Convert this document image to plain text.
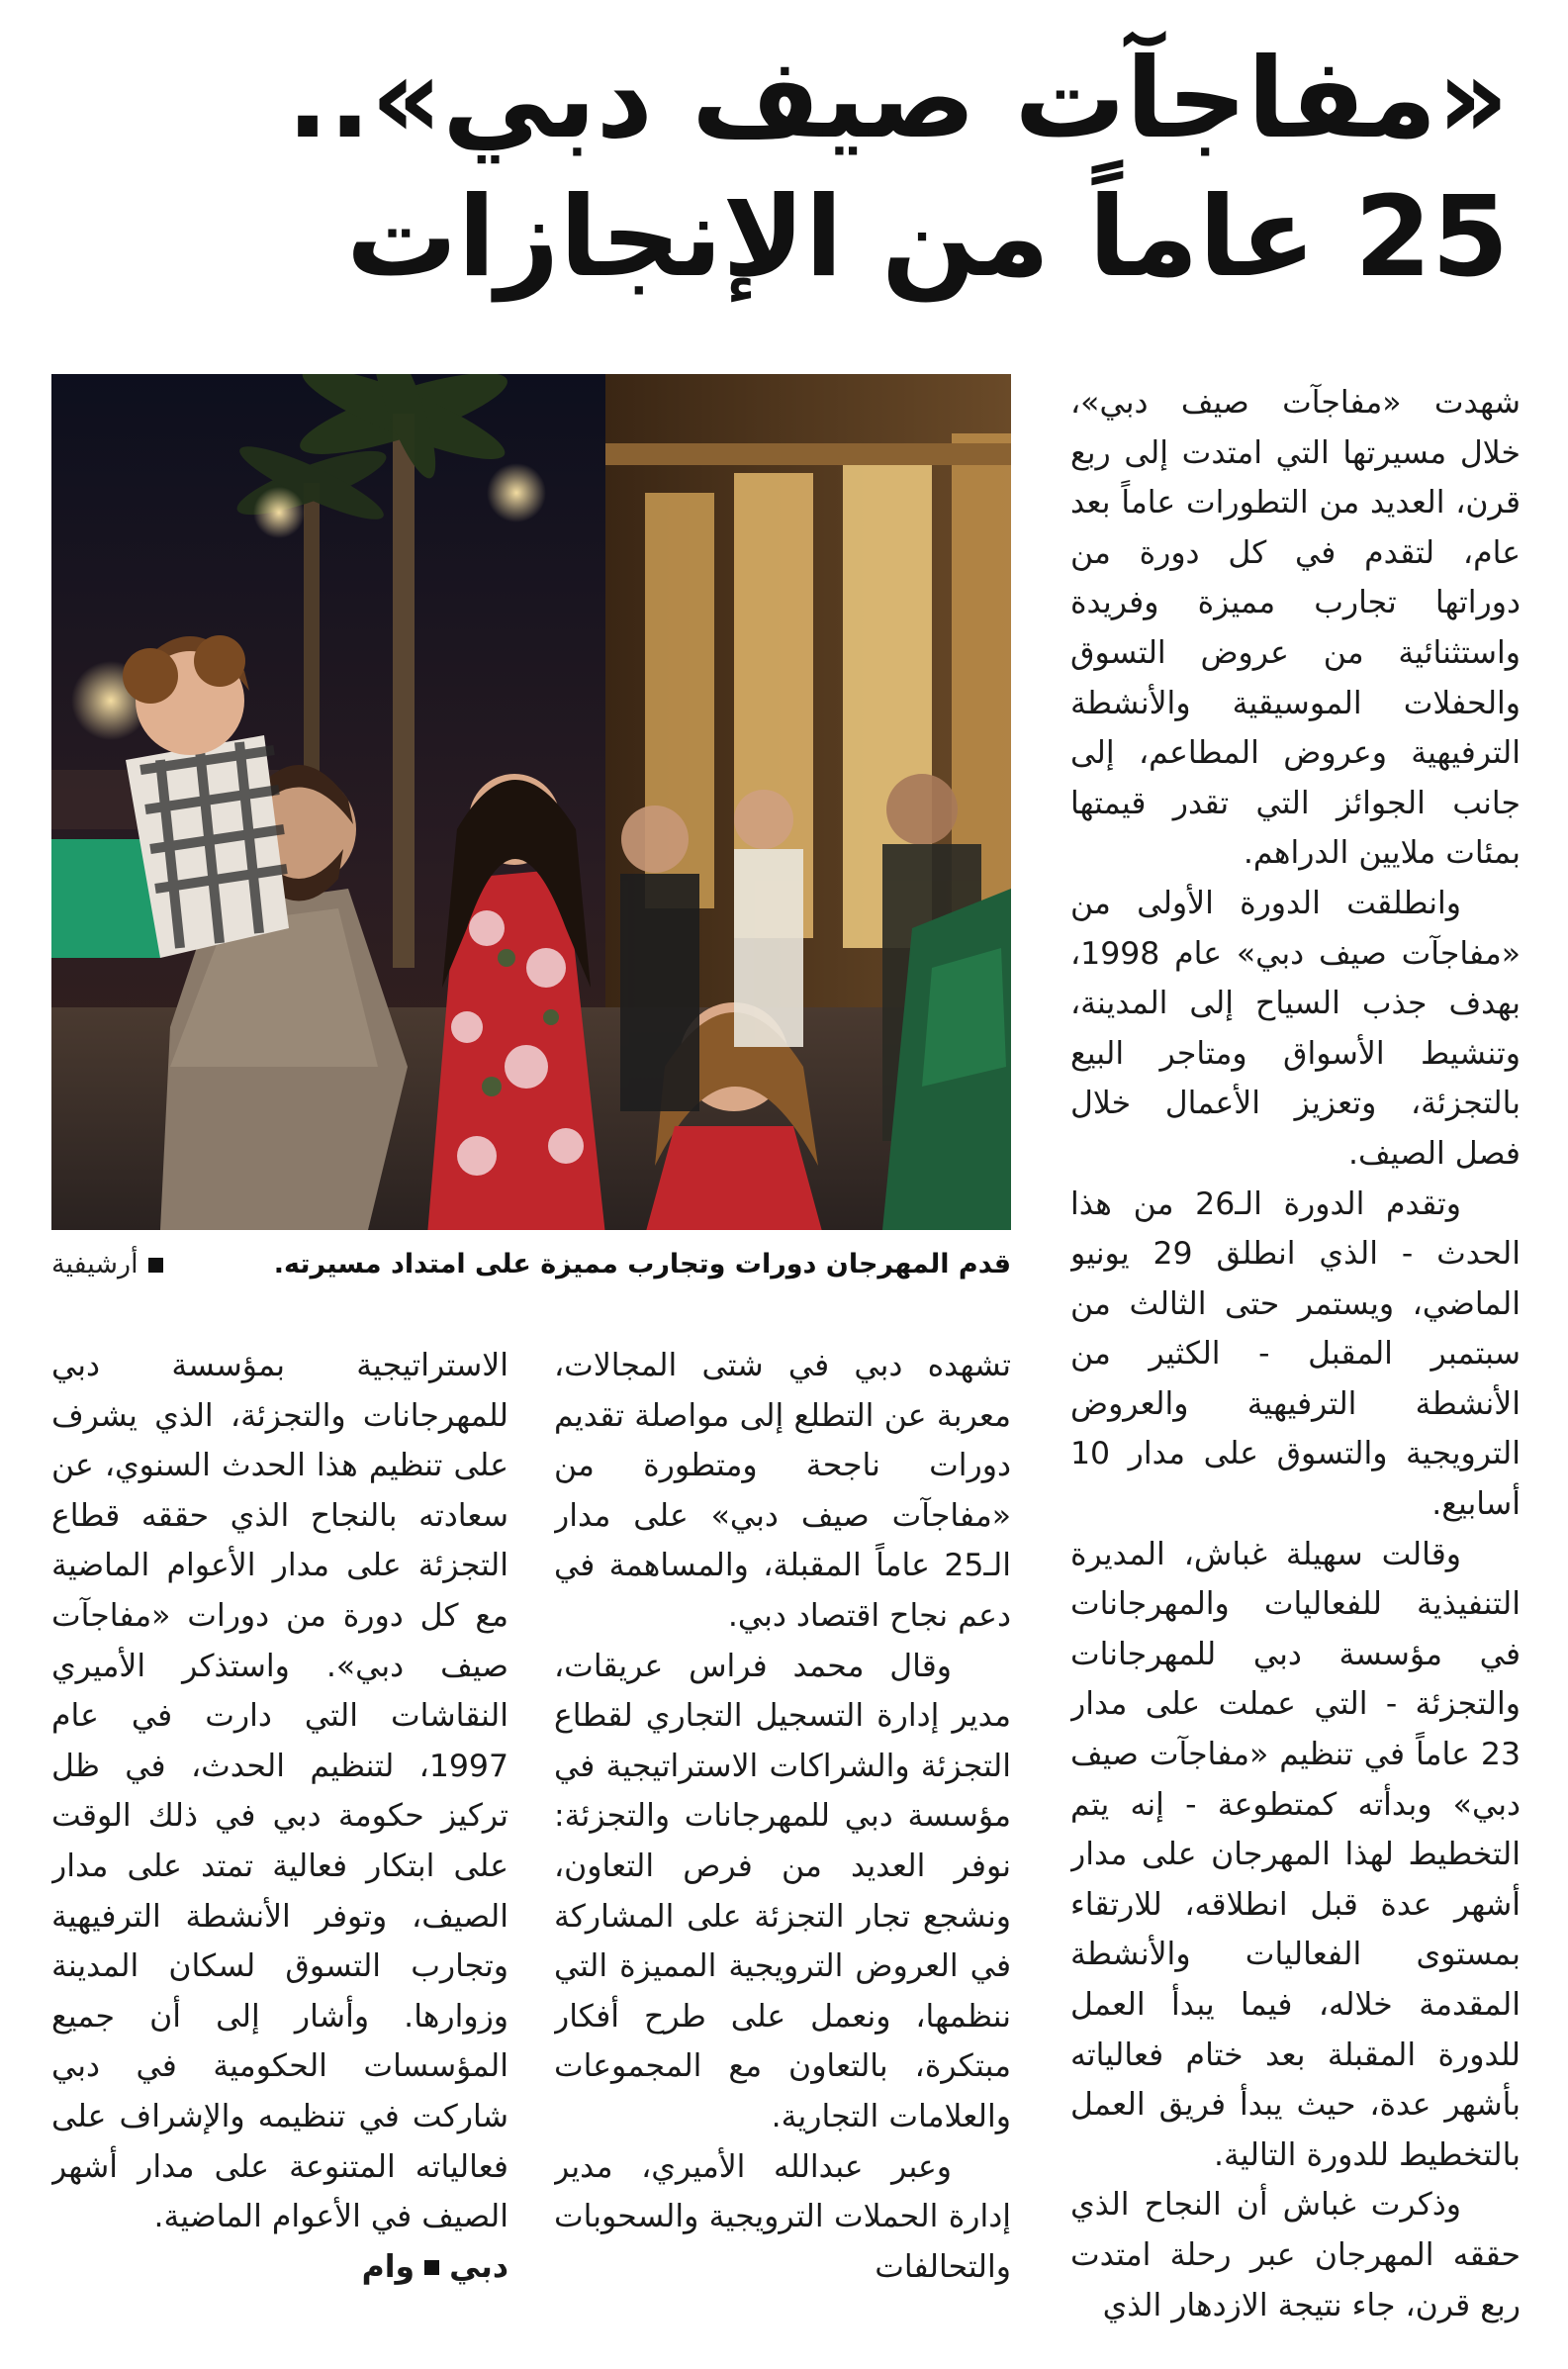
«مفاجآت صيف دبي»..
25 عاماً من الإنجازات
قدم المهرجان دورات وتجارب مميزة على امتداد مسيرته.
أرشيفية

شهدت «مفاجآت صيف دبي»، خلال مسيرتها التي امتدت إلى ربع قرن، العديد من التطورات عاماً بعد عام، لتقدم في كل دورة من دوراتها تجارب مميزة وفريدة واستثنائية من عروض التسوق والحفلات الموسيقية والأنشطة الترفيهية وعروض المطاعم، إلى جانب الجوائز التي تقدر قيمتها بمئات ملايين الدراهم.

وانطلقت الدورة الأولى من «مفاجآت صيف دبي» عام 1998، بهدف جذب السياح إلى المدينة، وتنشيط الأسواق ومتاجر البيع بالتجزئة، وتعزيز الأعمال خلال فصل الصيف.

وتقدم الدورة الـ26 من هذا الحدث - الذي انطلق 29 يونيو الماضي، ويستمر حتى الثالث من سبتمبر المقبل - الكثير من الأنشطة الترفيهية والعروض الترويجية والتسوق على مدار 10 أسابيع.

وقالت سهيلة غباش، المديرة التنفيذية للفعاليات والمهرجانات في مؤسسة دبي للمهرجانات والتجزئة - التي عملت على مدار 23 عاماً في تنظيم «مفاجآت صيف دبي» وبدأته كمتطوعة - إنه يتم التخطيط لهذا المهرجان على مدار أشهر عدة قبل انطلاقه، للارتقاء بمستوى الفعاليات والأنشطة المقدمة خلاله، فيما يبدأ العمل للدورة المقبلة بعد ختام فعالياته بأشهر عدة، حيث يبدأ فريق العمل بالتخطيط للدورة التالية.

وذكرت غباش أن النجاح الذي حققه المهرجان عبر رحلة امتدت ربع قرن، جاء نتيجة الازدهار الذي

تشهده دبي في شتى المجالات، معربة عن التطلع إلى مواصلة تقديم دورات ناجحة ومتطورة من «مفاجآت صيف دبي» على مدار الـ25 عاماً المقبلة، والمساهمة في دعم نجاح اقتصاد دبي.

وقال محمد فراس عريقات، مدير إدارة التسجيل التجاري لقطاع التجزئة والشراكات الاستراتيجية في مؤسسة دبي للمهرجانات والتجزئة: نوفر العديد من فرص التعاون، ونشجع تجار التجزئة على المشاركة في العروض الترويجية المميزة التي ننظمها، ونعمل على طرح أفكار مبتكرة، بالتعاون مع المجموعات والعلامات التجارية.

وعبر عبدالله الأميري، مدير إدارة الحملات الترويجية والسحوبات والتحالفات

الاستراتيجية بمؤسسة دبي للمهرجانات والتجزئة، الذي يشرف على تنظيم هذا الحدث السنوي، عن سعادته بالنجاح الذي حققه قطاع التجزئة على مدار الأعوام الماضية مع كل دورة من دورات «مفاجآت صيف دبي». واستذكر الأميري النقاشات التي دارت في عام 1997، لتنظيم الحدث، في ظل تركيز حكومة دبي في ذلك الوقت على ابتكار فعالية تمتد على مدار الصيف، وتوفر الأنشطة الترفيهية وتجارب التسوق لسكان المدينة وزوارها. وأشار إلى أن جميع المؤسسات الحكومية في دبي شاركت في تنظيمه والإشراف على فعالياته المتنوعة على مدار أشهر الصيف في الأعوام الماضية.

دبيوام
